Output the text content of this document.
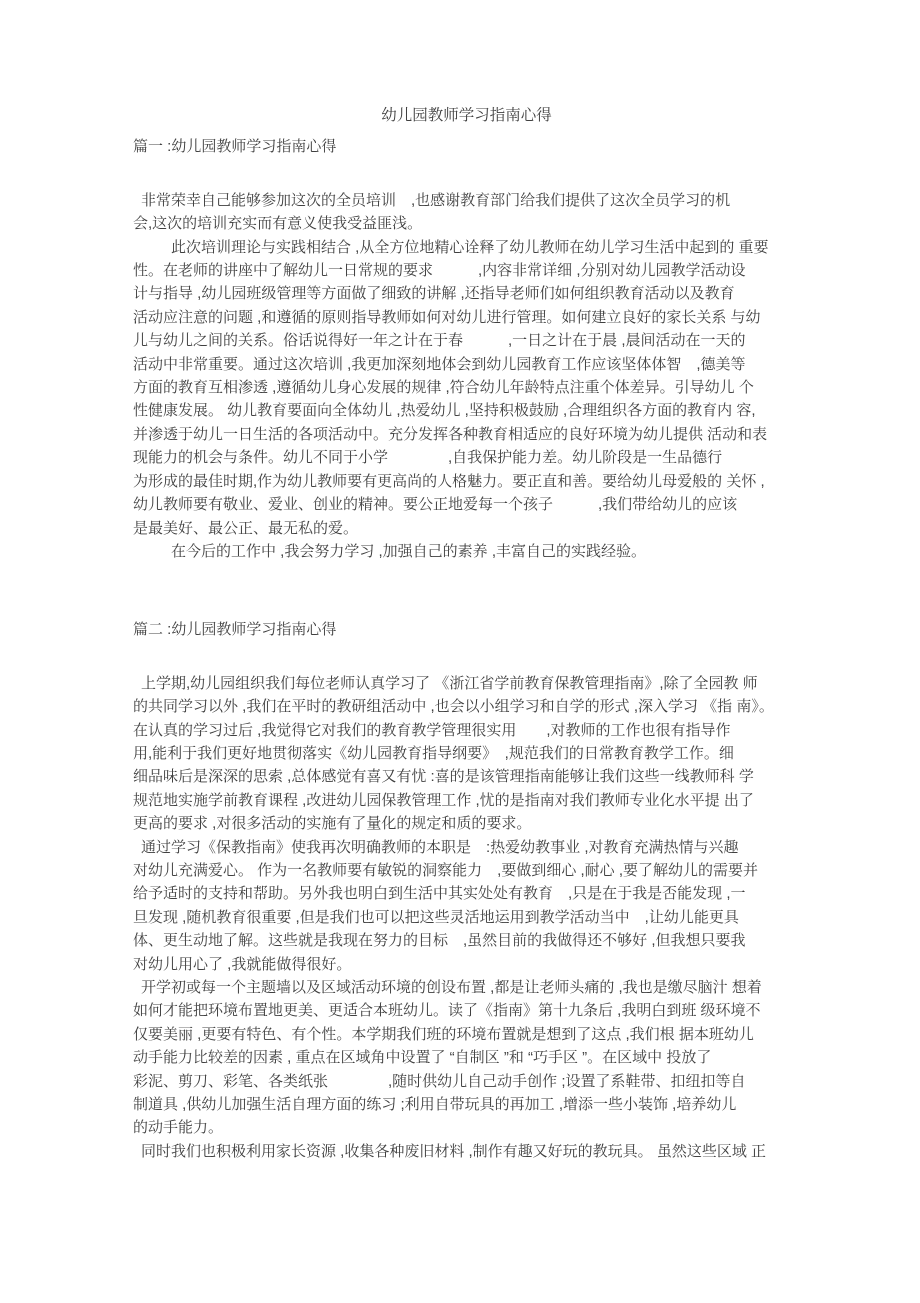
幼儿园教师学习指南心得
篇一 :幼儿园教师学习指南心得
非常荣幸自己能够参加这次的全员培训　,也感谢教育部门给我们提供了这次全员学习的机
会,这次的培训充实而有意义使我受益匪浅。
此次培训理论与实践相结合 ,从全方位地精心诠释了幼儿教师在幼儿学习生活中起到的 重要
性。在老师的讲座中了解幼儿一日常规的要求　　　,内容非常详细 ,分别对幼儿园教学活动设
计与指导 ,幼儿园班级管理等方面做了细致的讲解 ,还指导老师们如何组织教育活动以及教育
活动应注意的问题 ,和遵循的原则指导教师如何对幼儿进行管理。如何建立良好的家长关系 与幼
儿与幼儿之间的关系。俗话说得好一年之计在于春　　　,一日之计在于晨 ,晨间活动在一天的
活动中非常重要。通过这次培训 ,我更加深刻地体会到幼儿园教育工作应该坚体体智　,德美等
方面的教育互相渗透 ,遵循幼儿身心发展的规律 ,符合幼儿年龄特点注重个体差异。引导幼儿 个
性健康发展。 幼儿教育要面向全体幼儿 ,热爱幼儿 ,坚持积极鼓励 ,合理组织各方面的教育内 容,
并渗透于幼儿一日生活的各项活动中。充分发挥各种教育相适应的良好环境为幼儿提供 活动和表
现能力的机会与条件。幼儿不同于小学　　　　,自我保护能力差。幼儿阶段是一生品德行
为形成的最佳时期,作为幼儿教师要有更高尚的人格魅力。要正直和善。要给幼儿母爱般的 关怀 ,
幼儿教师要有敬业、爱业、创业的精神。要公正地爱每一个孩子　　　,我们带给幼儿的应该
是最美好、最公正、最无私的爱。
在今后的工作中 ,我会努力学习 ,加强自己的素养 ,丰富自己的实践经验。
篇二 :幼儿园教师学习指南心得
上学期,幼儿园组织我们每位老师认真学习了 《浙江省学前教育保教管理指南》,除了全园教 师
的共同学习以外 ,我们在平时的教研组活动中 ,也会以小组学习和自学的形式 ,深入学习 《指 南》。
在认真的学习过后 ,我觉得它对我们的教育教学管理很实用　　,对教师的工作也很有指导作
用,能利于我们更好地贯彻落实《幼儿园教育指导纲要》　,规范我们的日常教育教学工作。细
细品味后是深深的思索 ,总体感觉有喜又有忧 :喜的是该管理指南能够让我们这些一线教师科 学
规范地实施学前教育课程 ,改进幼儿园保教管理工作 ,忧的是指南对我们教师专业化水平提 出了
更高的要求 ,对很多活动的实施有了量化的规定和质的要求。
通过学习《保教指南》使我再次明确教师的本职是　:热爱幼教事业 ,对教育充满热情与兴趣
对幼儿充满爱心。 作为一名教师要有敏锐的洞察能力　,要做到细心 ,耐心 ,要了解幼儿的需要并
给予适时的支持和帮助。另外我也明白到生活中其实处处有教育　,只是在于我是否能发现 ,一
旦发现 ,随机教育很重要 ,但是我们也可以把这些灵活地运用到教学活动当中　,让幼儿能更具
体、更生动地了解。这些就是我现在努力的目标　,虽然目前的我做得还不够好 ,但我想只要我
对幼儿用心了 ,我就能做得很好。
开学初或每一个主题墙以及区域活动环境的创设布置 ,都是让老师头痛的 ,我也是缴尽脑汁 想着
如何才能把环境布置地更美、更适合本班幼儿。读了《指南》第十九条后 ,我明白到班 级环境不
仅要美丽 ,更要有特色、有个性。本学期我们班的环境布置就是想到了这点 ,我们根 据本班幼儿
动手能力比较差的因素 , 重点在区域角中设置了 “自制区 ”和 “巧手区 ”。在区域中 投放了
彩泥、剪刀、彩笔、各类纸张　　　　,随时供幼儿自己动手创作 ;设置了系鞋带、扣纽扣等自
制道具 ,供幼儿加强生活自理方面的练习 ;利用自带玩具的再加工 ,增添一些小装饰 ,培养幼儿
的动手能力。
同时我们也积极利用家长资源 ,收集各种废旧材料 ,制作有趣又好玩的教玩具。 虽然这些区域 正
